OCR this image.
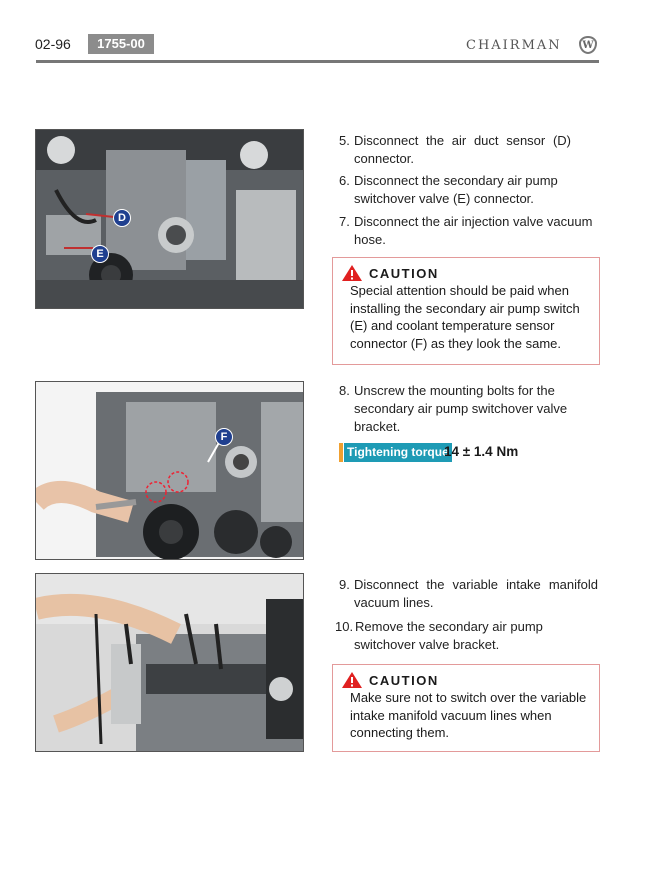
02-96	1755-00	CHAIRMAN	W
D
E
5. Disconnect the air duct sensor (D)
connector.
6. Disconnect the secondary air pump
switchover valve (E) connector.
7. Disconnect the air injection valve vacuum
hose.
CAUTION
Special attention should be paid when
installing the secondary air pump switch
(E) and coolant temperature sensor
connector (F) as they look the same.
F
8. Unscrew the mounting bolts for the
secondary air pump switchover valve
bracket.
Tightening torque
14 ± 1.4 Nm
9. Disconnect the variable intake manifold
vacuum lines.
10. Remove the secondary air pump
switchover valve bracket.
CAUTION
Make sure not to switch over the variable
intake manifold vacuum lines when
connecting them.
